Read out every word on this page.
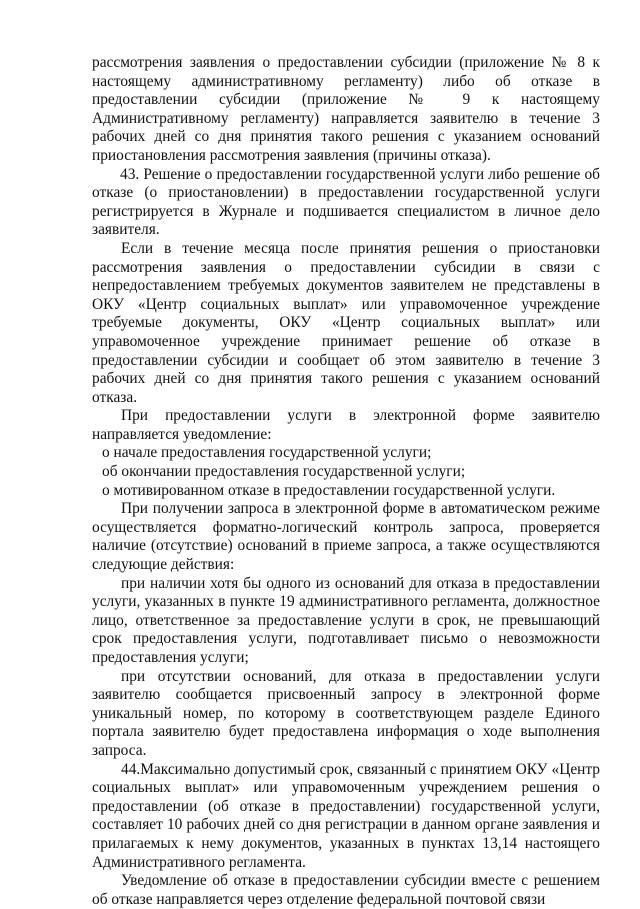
рассмотрения заявления о предоставлении субсидии (приложение № 8 к настоящему административному регламенту) либо об отказе в предоставлении субсидии (приложение № 9 к настоящему Административному регламенту) направляется заявителю в течение 3 рабочих дней со дня принятия такого решения с указанием оснований приостановления рассмотрения заявления (причины отказа).

43. Решение о предоставлении государственной услуги либо решение об отказе (о приостановлении) в предоставлении государственной услуги регистрируется в Журнале и подшивается специалистом в личное дело заявителя.

Если в течение месяца после принятия решения о приостановки рассмотрения заявления о предоставлении субсидии в связи с непредоставлением требуемых документов заявителем не представлены в ОКУ «Центр социальных выплат» или управомоченное учреждение требуемые документы, ОКУ «Центр социальных выплат» или управомоченное учреждение принимает решение об отказе в предоставлении субсидии и сообщает об этом заявителю в течение 3 рабочих дней со дня принятия такого решения с указанием оснований отказа.

При предоставлении услуги в электронной форме заявителю направляется уведомление:

о начале предоставления государственной услуги;

об окончании предоставления государственной услуги;

о мотивированном отказе в предоставлении государственной услуги.

При получении запроса в электронной форме в автоматическом режиме осуществляется форматно-логический контроль запроса, проверяется наличие (отсутствие) оснований в приеме запроса, а также осуществляются следующие действия:

при наличии хотя бы одного из оснований для отказа в предоставлении услуги, указанных в пункте 19 административного регламента, должностное лицо, ответственное за предоставление услуги в срок, не превышающий срок предоставления услуги, подготавливает письмо о невозможности предоставления услуги;

при отсутствии оснований, для отказа в предоставлении услуги заявителю сообщается присвоенный запросу в электронной форме уникальный номер, по которому в соответствующем разделе Единого портала заявителю будет предоставлена информация о ходе выполнения запроса.

44.Максимально допустимый срок, связанный с принятием ОКУ «Центр социальных выплат» или управомоченным учреждением решения о предоставлении (об отказе в предоставлении) государственной услуги, составляет 10 рабочих дней со дня регистрации в данном органе заявления и прилагаемых к нему документов, указанных в пунктах 13,14 настоящего Административного регламента.

Уведомление об отказе в предоставлении субсидии вместе с решением об отказе направляется через отделение федеральной почтовой связи
